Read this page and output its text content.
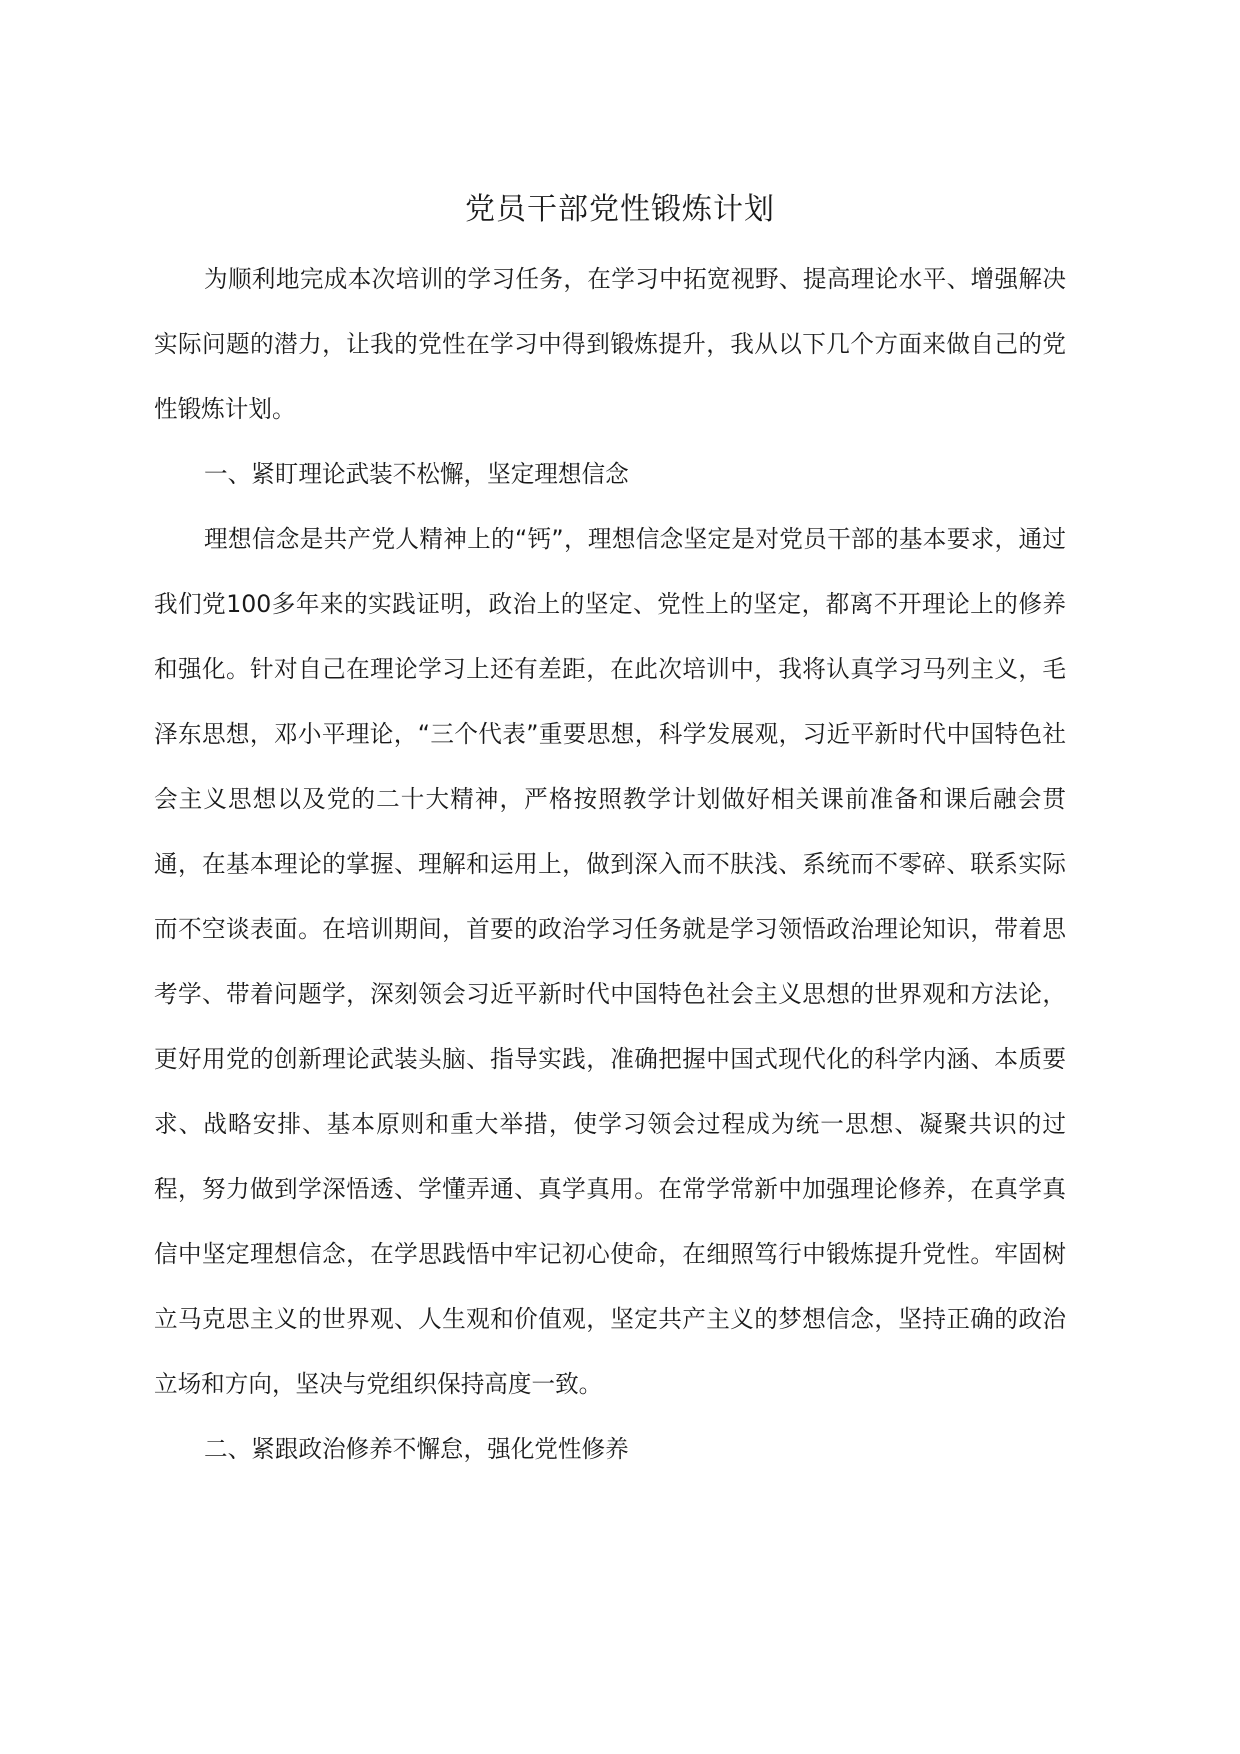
党员干部党性锻炼计划

为顺利地完成本次培训的学习任务，在学习中拓宽视野、提高理论水平、增强解决实际问题的潜力，让我的党性在学习中得到锻炼提升，我从以下几个方面来做自己的党性锻炼计划。

一、紧盯理论武装不松懈，坚定理想信念

理想信念是共产党人精神上的“钙”，理想信念坚定是对党员干部的基本要求，通过我们党100多年来的实践证明，政治上的坚定、党性上的坚定，都离不开理论上的修养和强化。针对自己在理论学习上还有差距，在此次培训中，我将认真学习马列主义，毛泽东思想，邓小平理论，“三个代表”重要思想，科学发展观，习近平新时代中国特色社会主义思想以及党的二十大精神，严格按照教学计划做好相关课前准备和课后融会贯通，在基本理论的掌握、理解和运用上，做到深入而不肤浅、系统而不零碎、联系实际而不空谈表面。在培训期间，首要的政治学习任务就是学习领悟政治理论知识，带着思考学、带着问题学，深刻领会习近平新时代中国特色社会主义思想的世界观和方法论，更好用党的创新理论武装头脑、指导实践，准确把握中国式现代化的科学内涵、本质要求、战略安排、基本原则和重大举措，使学习领会过程成为统一思想、凝聚共识的过程，努力做到学深悟透、学懂弄通、真学真用。在常学常新中加强理论修养，在真学真信中坚定理想信念，在学思践悟中牢记初心使命，在细照笃行中锻炼提升党性。牢固树立马克思主义的世界观、人生观和价值观，坚定共产主义的梦想信念，坚持正确的政治立场和方向，坚决与党组织保持高度一致。

二、紧跟政治修养不懈怠，强化党性修养
